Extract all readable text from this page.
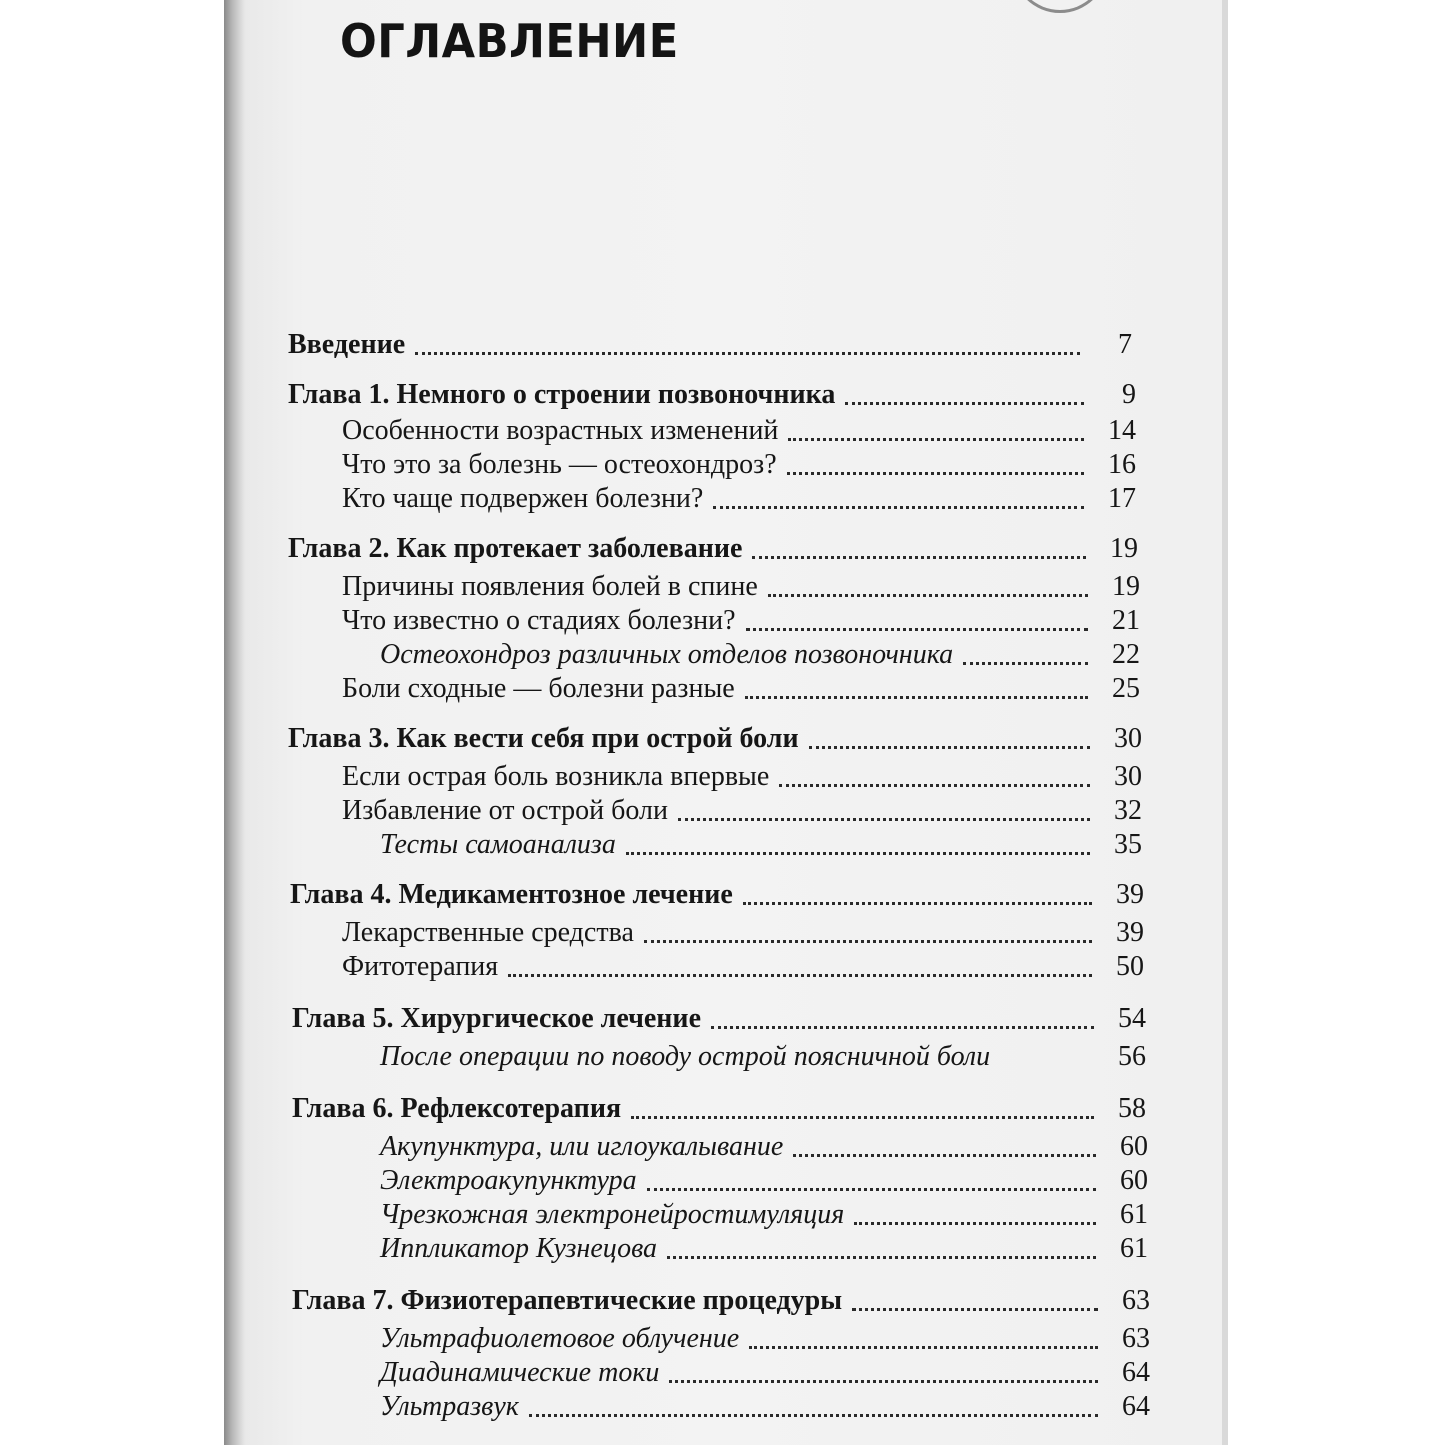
ОГЛАВЛЕНИЕ
Введение	7
Глава 1. Немного о строении позвоночника	9
Особенности возрастных изменений	14
Что это за болезнь — остеохондроз?	16
Кто чаще подвержен болезни?	17
Глава 2. Как протекает заболевание	19
Причины появления болей в спине	19
Что известно о стадиях болезни?	21
Остеохондроз различных отделов позвоночника	22
Боли сходные — болезни разные	25
Глава 3. Как вести себя при острой боли	30
Если острая боль возникла впервые	30
Избавление от острой боли	32
Тесты самоанализа	35
Глава 4. Медикаментозное лечение	39
Лекарственные средства	39
Фитотерапия	50
Глава 5. Хирургическое лечение	54
После операции по поводу острой поясничной боли	56
Глава 6. Рефлексотерапия	58
Акупунктура, или иглоукалывание	60
Электроакупунктура	60
Чрезкожная электронейростимуляция	61
Иппликатор Кузнецова	61
Глава 7. Физиотерапевтические процедуры	63
Ультрафиолетовое облучение	63
Диадинамические токи	64
Ультразвук	64
